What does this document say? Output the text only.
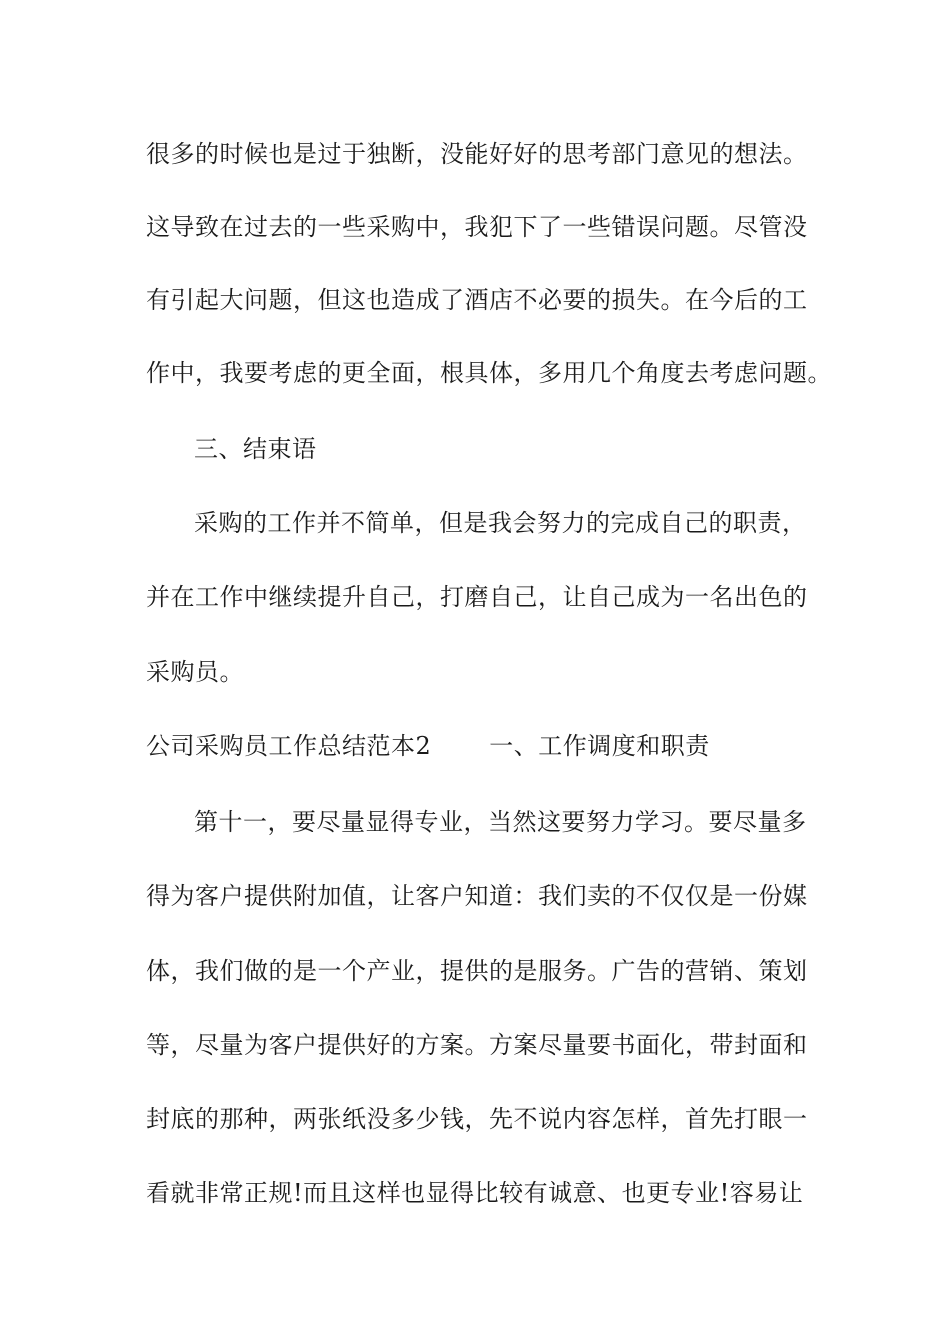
很多的时候也是过于独断，没能好好的思考部门意见的想法。
这导致在过去的一些采购中，我犯下了一些错误问题。尽管没
有引起大问题，但这也造成了酒店不必要的损失。在今后的工
作中，我要考虑的更全面，根具体，多用几个角度去考虑问题。
三、结束语
采购的工作并不简单，但是我会努力的完成自己的职责，
并在工作中继续提升自己，打磨自己，让自己成为一名出色的
采购员。
公司采购员工作总结范本2 一、工作调度和职责
第十一，要尽量显得专业，当然这要努力学习。要尽量多
得为客户提供附加值，让客户知道：我们卖的不仅仅是一份媒
体，我们做的是一个产业，提供的是服务。广告的营销、策划
等，尽量为客户提供好的方案。方案尽量要书面化，带封面和
封底的那种，两张纸没多少钱，先不说内容怎样，首先打眼一
看就非常正规!而且这样也显得比较有诚意、也更专业!容易让
